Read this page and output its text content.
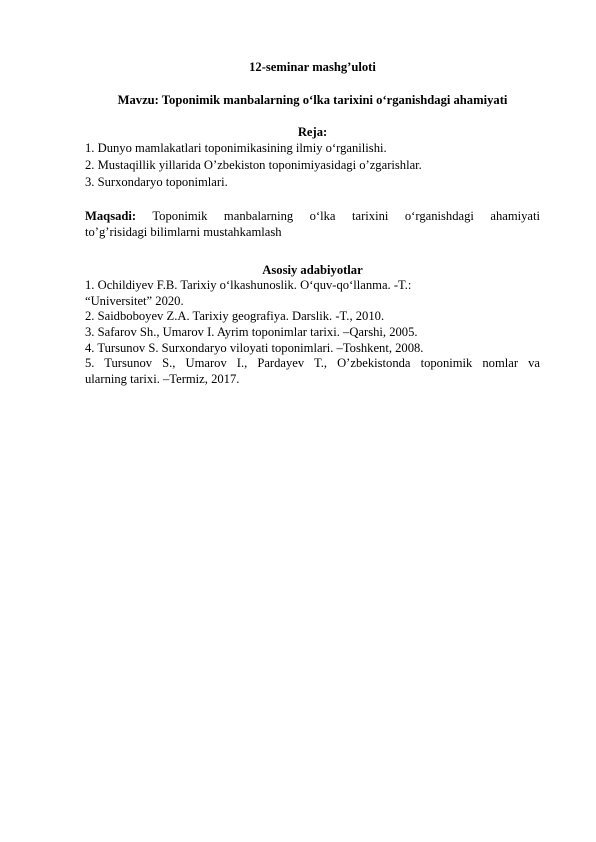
12-seminar mashg’uloti
Mavzu: Toponimik manbalarning o‘lka tarixini o‘rganishdagi ahamiyati
Reja:
1. Dunyo mamlakatlari toponimikasining ilmiy o‘rganilishi.
2. Mustaqillik yillarida O’zbekiston toponimiyasidagi o’zgarishlar.
3. Surxondaryo toponimlari.
Maqsadi: Toponimik manbalarning o‘lka tarixini o‘rganishdagi ahamiyati
to’g’risidagi bilimlarni mustahkamlash
Asosiy adabiyotlar
1. Ochildiyev F.B. Tarixiy o‘lkashunoslik. O‘quv-qo‘llanma. -T.:
“Universitet” 2020.
2. Saidboboyev Z.A. Tarixiy geografiya. Darslik. -T., 2010.
3. Safarov Sh., Umarov I. Ayrim toponimlar tarixi. –Qarshi, 2005.
4. Tursunov S. Surxondaryo viloyati toponimlari. –Toshkent, 2008.
5. Tursunov S., Umarov I., Pardayev T., O’zbekistonda toponimik nomlar va
ularning tarixi. –Termiz, 2017.
